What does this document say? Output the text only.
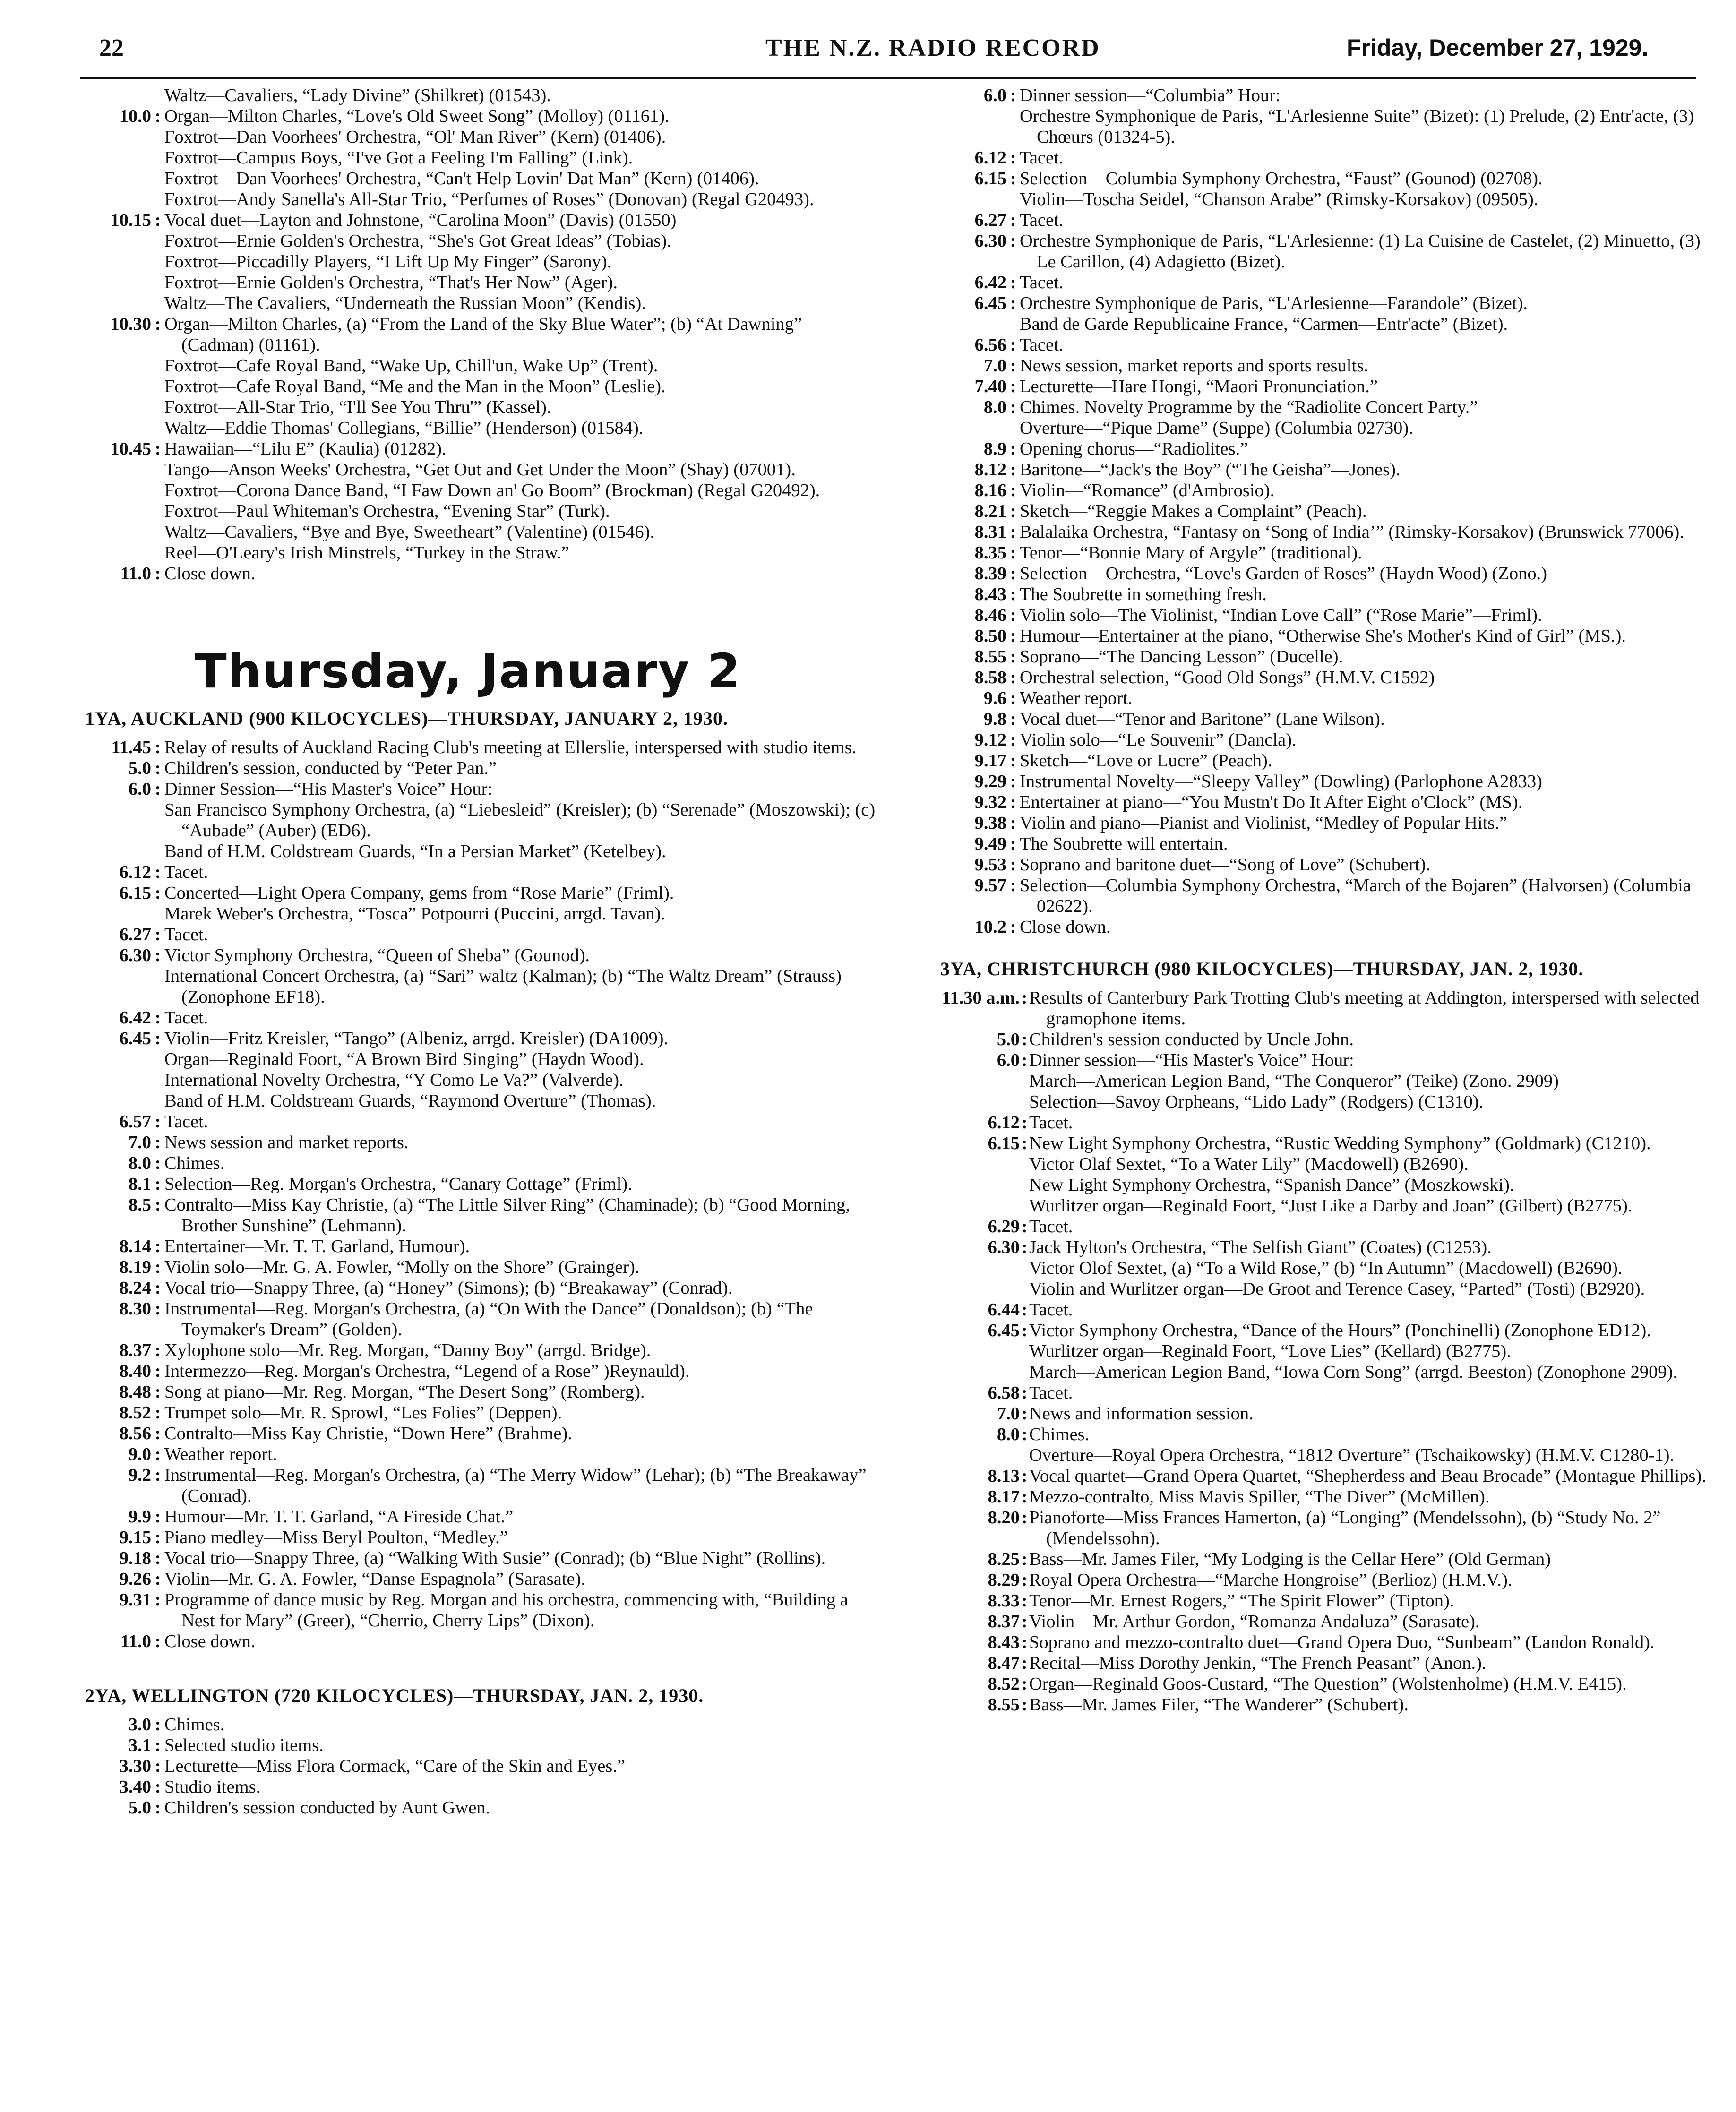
22	THE N.Z. RADIO RECORD	Friday, December 27, 1929.
Waltz—Cavaliers, “Lady Divine” (Shilkret) (01543).
10.0 : Organ—Milton Charles, “Love's Old Sweet Song” (Molloy) (01161).
Foxtrot—Dan Voorhees' Orchestra, “Ol' Man River” (Kern) (01406).
Foxtrot—Campus Boys, “I've Got a Feeling I'm Falling” (Link).
Foxtrot—Dan Voorhees' Orchestra, “Can't Help Lovin' Dat Man” (Kern) (01406).
Foxtrot—Andy Sanella's All-Star Trio, “Perfumes of Roses” (Donovan) (Regal G20493).
10.15 : Vocal duet—Layton and Johnstone, “Carolina Moon” (Davis) (01550)
Foxtrot—Ernie Golden's Orchestra, “She's Got Great Ideas” (Tobias).
Foxtrot—Piccadilly Players, “I Lift Up My Finger” (Sarony).
Foxtrot—Ernie Golden's Orchestra, “That's Her Now” (Ager).
Waltz—The Cavaliers, “Underneath the Russian Moon” (Kendis).
10.30 : Organ—Milton Charles, (a) “From the Land of the Sky Blue Water”; (b) “At Dawning” (Cadman) (01161).
Foxtrot—Cafe Royal Band, “Wake Up, Chill'un, Wake Up” (Trent).
Foxtrot—Cafe Royal Band, “Me and the Man in the Moon” (Leslie).
Foxtrot—All-Star Trio, “I'll See You Thru'” (Kassel).
Waltz—Eddie Thomas' Collegians, “Billie” (Henderson) (01584).
10.45 : Hawaiian—“Lilu E” (Kaulia) (01282).
Tango—Anson Weeks' Orchestra, “Get Out and Get Under the Moon” (Shay) (07001).
Foxtrot—Corona Dance Band, “I Faw Down an' Go Boom” (Brockman) (Regal G20492).
Foxtrot—Paul Whiteman's Orchestra, “Evening Star” (Turk).
Waltz—Cavaliers, “Bye and Bye, Sweetheart” (Valentine) (01546).
Reel—O'Leary's Irish Minstrels, “Turkey in the Straw.”
11.0 : Close down.
Thursday, January 2
1YA, AUCKLAND (900 KILOCYCLES)—THURSDAY, JANUARY 2, 1930.
11.45 : Relay of results of Auckland Racing Club's meeting at Ellerslie, interspersed with studio items.
5.0 : Children's session, conducted by “Peter Pan.”
6.0 : Dinner Session—“His Master's Voice” Hour:
San Francisco Symphony Orchestra, (a) “Liebesleid” (Kreisler); (b) “Serenade” (Moszowski); (c) “Aubade” (Auber) (ED6).
Band of H.M. Coldstream Guards, “In a Persian Market” (Ketelbey).
6.12 : Tacet.
6.15 : Concerted—Light Opera Company, gems from “Rose Marie” (Friml).
Marek Weber's Orchestra, “Tosca” Potpourri (Puccini, arrgd. Tavan).
6.27 : Tacet.
6.30 : Victor Symphony Orchestra, “Queen of Sheba” (Gounod).
International Concert Orchestra, (a) “Sari” waltz (Kalman); (b) “The Waltz Dream” (Strauss) (Zonophone EF18).
6.42 : Tacet.
6.45 : Violin—Fritz Kreisler, “Tango” (Albeniz, arrgd. Kreisler) (DA1009).
Organ—Reginald Foort, “A Brown Bird Singing” (Haydn Wood).
International Novelty Orchestra, “Y Como Le Va?” (Valverde).
Band of H.M. Coldstream Guards, “Raymond Overture” (Thomas).
6.57 : Tacet.
7.0 : News session and market reports.
8.0 : Chimes.
8.1 : Selection—Reg. Morgan's Orchestra, “Canary Cottage” (Friml).
8.5 : Contralto—Miss Kay Christie, (a) “The Little Silver Ring” (Chaminade); (b) “Good Morning, Brother Sunshine” (Lehmann).
8.14 : Entertainer—Mr. T. T. Garland, Humour).
8.19 : Violin solo—Mr. G. A. Fowler, “Molly on the Shore” (Grainger).
8.24 : Vocal trio—Snappy Three, (a) “Honey” (Simons); (b) “Breakaway” (Conrad).
8.30 : Instrumental—Reg. Morgan's Orchestra, (a) “On With the Dance” (Donaldson); (b) “The Toymaker's Dream” (Golden).
8.37 : Xylophone solo—Mr. Reg. Morgan, “Danny Boy” (arrgd. Bridge).
8.40 : Intermezzo—Reg. Morgan's Orchestra, “Legend of a Rose” )Reynauld).
8.48 : Song at piano—Mr. Reg. Morgan, “The Desert Song” (Romberg).
8.52 : Trumpet solo—Mr. R. Sprowl, “Les Folies” (Deppen).
8.56 : Contralto—Miss Kay Christie, “Down Here” (Brahme).
9.0 : Weather report.
9.2 : Instrumental—Reg. Morgan's Orchestra, (a) “The Merry Widow” (Lehar); (b) “The Breakaway” (Conrad).
9.9 : Humour—Mr. T. T. Garland, “A Fireside Chat.”
9.15 : Piano medley—Miss Beryl Poulton, “Medley.”
9.18 : Vocal trio—Snappy Three, (a) “Walking With Susie” (Conrad); (b) “Blue Night” (Rollins).
9.26 : Violin—Mr. G. A. Fowler, “Danse Espagnola” (Sarasate).
9.31 : Programme of dance music by Reg. Morgan and his orchestra, commencing with, “Building a Nest for Mary” (Greer), “Cherrio, Cherry Lips” (Dixon).
11.0 : Close down.
2YA, WELLINGTON (720 KILOCYCLES)—THURSDAY, JAN. 2, 1930.
3.0 : Chimes.
3.1 : Selected studio items.
3.30 : Lecturette—Miss Flora Cormack, “Care of the Skin and Eyes.”
3.40 : Studio items.
5.0 : Children's session conducted by Aunt Gwen.
6.0 : Dinner session—“Columbia” Hour:
Orchestre Symphonique de Paris, “L'Arlesienne Suite” (Bizet): (1) Prelude, (2) Entr'acte, (3) Chœurs (01324-5).
6.12 : Tacet.
6.15 : Selection—Columbia Symphony Orchestra, “Faust” (Gounod) (02708).
Violin—Toscha Seidel, “Chanson Arabe” (Rimsky-Korsakov) (09505).
6.27 : Tacet.
6.30 : Orchestre Symphonique de Paris, “L'Arlesienne: (1) La Cuisine de Castelet, (2) Minuetto, (3) Le Carillon, (4) Adagietto (Bizet).
6.42 : Tacet.
6.45 : Orchestre Symphonique de Paris, “L'Arlesienne—Farandole” (Bizet).
Band de Garde Republicaine France, “Carmen—Entr'acte” (Bizet).
6.56 : Tacet.
7.0 : News session, market reports and sports results.
7.40 : Lecturette—Hare Hongi, “Maori Pronunciation.”
8.0 : Chimes. Novelty Programme by the “Radiolite Concert Party.”
Overture—“Pique Dame” (Suppe) (Columbia 02730).
8.9 : Opening chorus—“Radiolites.”
8.12 : Baritone—“Jack's the Boy” (“The Geisha”—Jones).
8.16 : Violin—“Romance” (d'Ambrosio).
8.21 : Sketch—“Reggie Makes a Complaint” (Peach).
8.31 : Balalaika Orchestra, “Fantasy on ‘Song of India’” (Rimsky-Korsakov) (Brunswick 77006).
8.35 : Tenor—“Bonnie Mary of Argyle” (traditional).
8.39 : Selection—Orchestra, “Love's Garden of Roses” (Haydn Wood) (Zono.)
8.43 : The Soubrette in something fresh.
8.46 : Violin solo—The Violinist, “Indian Love Call” (“Rose Marie”—Friml).
8.50 : Humour—Entertainer at the piano, “Otherwise She's Mother's Kind of Girl” (MS.).
8.55 : Soprano—“The Dancing Lesson” (Ducelle).
8.58 : Orchestral selection, “Good Old Songs” (H.M.V. C1592)
9.6 : Weather report.
9.8 : Vocal duet—“Tenor and Baritone” (Lane Wilson).
9.12 : Violin solo—“Le Souvenir” (Dancla).
9.17 : Sketch—“Love or Lucre” (Peach).
9.29 : Instrumental Novelty—“Sleepy Valley” (Dowling) (Parlophone A2833)
9.32 : Entertainer at piano—“You Mustn't Do It After Eight o'Clock” (MS).
9.38 : Violin and piano—Pianist and Violinist, “Medley of Popular Hits.”
9.49 : The Soubrette will entertain.
9.53 : Soprano and baritone duet—“Song of Love” (Schubert).
9.57 : Selection—Columbia Symphony Orchestra, “March of the Bojaren” (Halvorsen) (Columbia 02622).
10.2 : Close down.
3YA, CHRISTCHURCH (980 KILOCYCLES)—THURSDAY, JAN. 2, 1930.
11.30 a.m. : Results of Canterbury Park Trotting Club's meeting at Addington, interspersed with selected gramophone items.
5.0 : Children's session conducted by Uncle John.
6.0 : Dinner session—“His Master's Voice” Hour:
March—American Legion Band, “The Conqueror” (Teike) (Zono. 2909)
Selection—Savoy Orpheans, “Lido Lady” (Rodgers) (C1310).
6.12 : Tacet.
6.15 : New Light Symphony Orchestra, “Rustic Wedding Symphony” (Goldmark) (C1210).
Victor Olaf Sextet, “To a Water Lily” (Macdowell) (B2690).
New Light Symphony Orchestra, “Spanish Dance” (Moszkowski).
Wurlitzer organ—Reginald Foort, “Just Like a Darby and Joan” (Gilbert) (B2775).
6.29 : Tacet.
6.30 : Jack Hylton's Orchestra, “The Selfish Giant” (Coates) (C1253).
Victor Olof Sextet, (a) “To a Wild Rose,” (b) “In Autumn” (Macdowell) (B2690).
Violin and Wurlitzer organ—De Groot and Terence Casey, “Parted” (Tosti) (B2920).
6.44 : Tacet.
6.45 : Victor Symphony Orchestra, “Dance of the Hours” (Ponchinelli) (Zonophone ED12).
Wurlitzer organ—Reginald Foort, “Love Lies” (Kellard) (B2775).
March—American Legion Band, “Iowa Corn Song” (arrgd. Beeston) (Zonophone 2909).
6.58 : Tacet.
7.0 : News and information session.
8.0 : Chimes.
Overture—Royal Opera Orchestra, “1812 Overture” (Tschaikowsky) (H.M.V. C1280-1).
8.13 : Vocal quartet—Grand Opera Quartet, “Shepherdess and Beau Brocade” (Montague Phillips).
8.17 : Mezzo-contralto, Miss Mavis Spiller, “The Diver” (McMillen).
8.20 : Pianoforte—Miss Frances Hamerton, (a) “Longing” (Mendelssohn), (b) “Study No. 2” (Mendelssohn).
8.25 : Bass—Mr. James Filer, “My Lodging is the Cellar Here” (Old German)
8.29 : Royal Opera Orchestra—“Marche Hongroise” (Berlioz) (H.M.V.).
8.33 : Tenor—Mr. Ernest Rogers,” “The Spirit Flower” (Tipton).
8.37 : Violin—Mr. Arthur Gordon, “Romanza Andaluza” (Sarasate).
8.43 : Soprano and mezzo-contralto duet—Grand Opera Duo, “Sunbeam” (Landon Ronald).
8.47 : Recital—Miss Dorothy Jenkin, “The French Peasant” (Anon.).
8.52 : Organ—Reginald Goos-Custard, “The Question” (Wolstenholme) (H.M.V. E415).
8.55 : Bass—Mr. James Filer, “The Wanderer” (Schubert).
